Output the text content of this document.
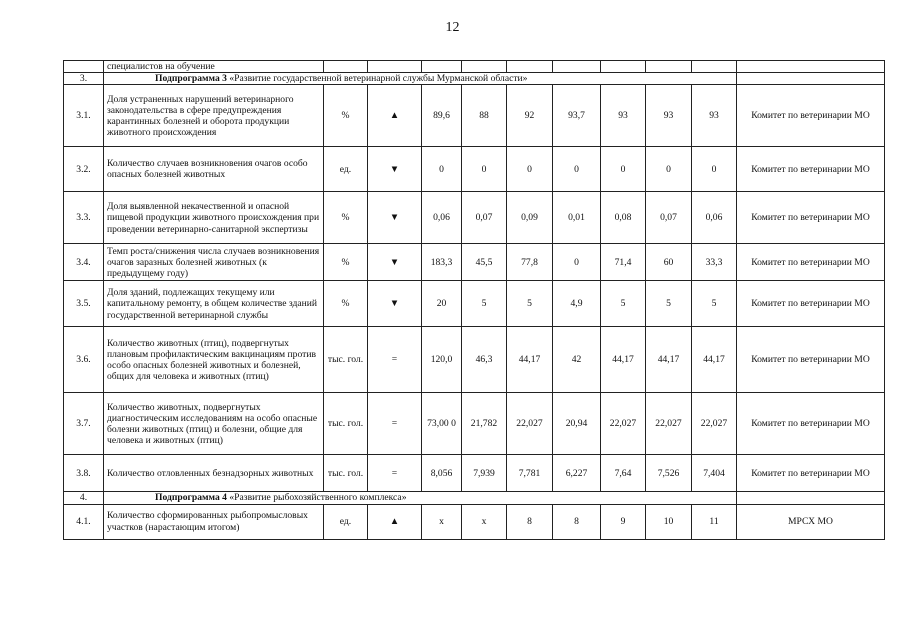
12
	специалистов на обучение										
3.	Подпрограмма 3 «Развитие государственной ветеринарной службы Мурманской области»										
3.1.	Доля устраненных нарушений ветеринарного законодательства в сфере предупреждения карантинных болезней и оборота продукции животного происхождения	%	▲	89,6	88	92	93,7	93	93	93	Комитет по ветеринарии МО
3.2.	Количество случаев возникновения очагов особо опасных болезней животных	ед.	▼	0	0	0	0	0	0	0	Комитет по ветеринарии МО
3.3.	Доля выявленной некачественной и опасной пищевой продукции животного происхождения при проведении ветеринарно-санитарной экспертизы	%	▼	0,06	0,07	0,09	0,01	0,08	0,07	0,06	Комитет по ветеринарии МО
3.4.	Темп роста/снижения числа случаев возникновения очагов заразных болезней животных (к предыдущему году)	%	▼	183,3	45,5	77,8	0	71,4	60	33,3	Комитет по ветеринарии МО
3.5.	Доля зданий, подлежащих текущему или капитальному ремонту, в общем количестве зданий государственной ветеринарной службы	%	▼	20	5	5	4,9	5	5	5	Комитет по ветеринарии МО
3.6.	Количество животных (птиц), подвергнутых плановым профилактическим вакцинациям против особо опасных болезней животных и болезней, общих для человека и животных (птиц)	тыс. гол.	=	120,0	46,3	44,17	42	44,17	44,17	44,17	Комитет по ветеринарии МО
3.7.	Количество животных, подвергнутых диагностическим исследованиям на особо опасные болезни животных (птиц) и болезни, общие для человека и животных (птиц)	тыс. гол.	=	73,00 0	21,782	22,027	20,94	22,027	22,027	22,027	Комитет по ветеринарии МО
3.8.	Количество отловленных безнадзорных животных	тыс. гол.	=	8,056	7,939	7,781	6,227	7,64	7,526	7,404	Комитет по ветеринарии МО
4.	Подпрограмма 4 «Развитие рыбохозяйственного комплекса»										
4.1.	Количество сформированных рыбопромысловых участков (нарастающим итогом)	ед.	▲	x	x	8	8	9	10	11	МРСХ МО
